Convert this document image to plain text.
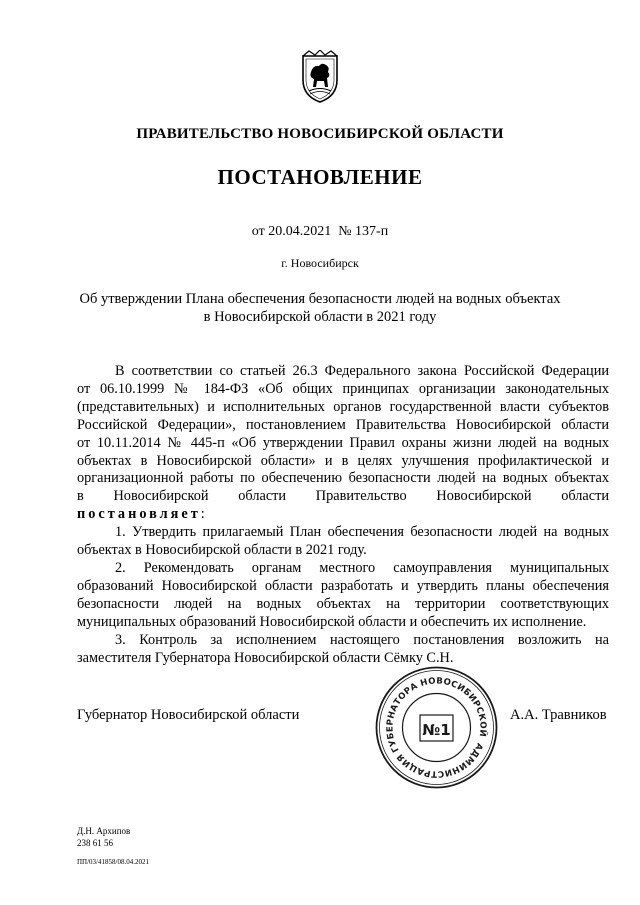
ПРАВИТЕЛЬСТВО НОВОСИБИРСКОЙ ОБЛАСТИ
ПОСТАНОВЛЕНИЕ
от 20.04.2021  № 137-п
г. Новосибирск
Об утверждении Плана обеспечения безопасности людей на водных объектах
в Новосибирской области в 2021 году
В соответствии со статьей 26.3 Федерального закона Российской Федерации
от 06.10.1999 № 184-ФЗ «Об общих принципах организации законодательных
(представительных) и исполнительных органов государственной власти субъектов
Российской Федерации», постановлением Правительства Новосибирской области
от 10.11.2014 № 445-п «Об утверждении Правил охраны жизни людей на водных
объектах в Новосибирской области» и в целях улучшения профилактической и
организационной работы по обеспечению безопасности людей на водных объектах
в Новосибирской области Правительство Новосибирской области
постановляет:

1. Утвердить прилагаемый План обеспечения безопасности людей на водных объектах в Новосибирской области в 2021 году.

2. Рекомендовать органам местного самоуправления муниципальных образований Новосибирской области разработать и утвердить планы обеспечения безопасности людей на водных объектах на территории соответствующих муниципальных образований Новосибирской области и обеспечить их исполнение.

3. Контроль за исполнением настоящего постановления возложить на заместителя Губернатора Новосибирской области Сёмку С.Н.

Губернатор Новосибирской области
АДМИНИСТРАЦИЯ ГУБЕРНАТОРА НОВОСИБИРСКОЙ
№1
А.А. Травников
Д.Н. Архипов
238 61 56
ПП/03/41858/08.04.2021
